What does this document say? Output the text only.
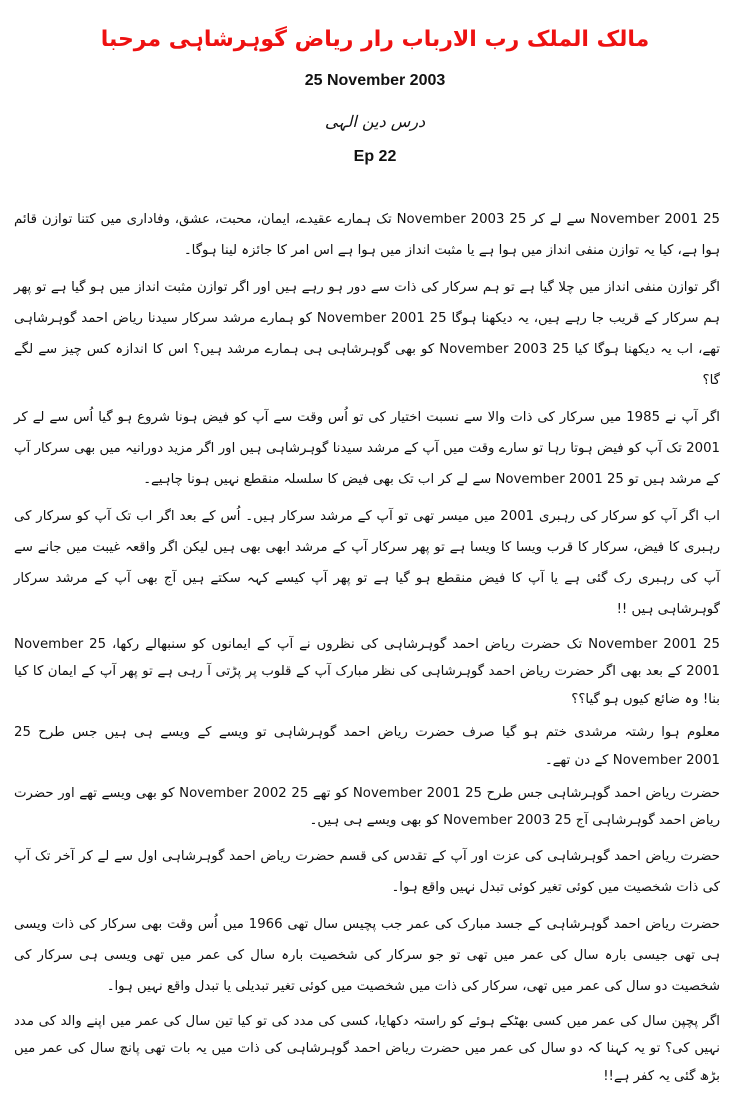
مالک الملک رب الارباب رار ریاض گوہرشاہی مرحبا
25 November 2003
درس دین الہی
Ep 22

25 November 2001 سے لے کر 25 November 2003 تک ہمارے عقیدے، ایمان، محبت، عشق، وفاداری میں کتنا توازن قائم ہوا ہے، کیا یہ توازن منفی انداز میں ہوا ہے یا مثبت انداز میں ہوا ہے اس امر کا جائزہ لینا ہوگا۔

اگر توازن منفی انداز میں چلا گیا ہے تو ہم سرکار کی ذات سے دور ہو رہے ہیں اور اگر توازن مثبت انداز میں ہو گیا ہے تو پھر ہم سرکار کے قریب جا رہے ہیں، یہ دیکھنا ہوگا 25 November 2001 کو ہمارے مرشد سرکار سیدنا ریاض احمد گوہرشاہی تھے، اب یہ دیکھنا ہوگا کیا 25 November 2003 کو بھی گوہرشاہی ہی ہمارے مرشد ہیں؟ اس کا اندازہ کس چیز سے لگے گا؟

اگر آپ نے 1985 میں سرکار کی ذات والا سے نسبت اختیار کی تو اُس وقت سے آپ کو فیض ہونا شروع ہو گیا اُس سے لے کر 2001 تک آپ کو فیض ہوتا رہا تو سارے وقت میں آپ کے مرشد سیدنا گوہرشاہی ہیں اور اگر مزید دورانیہ میں بھی سرکار آپ کے مرشد ہیں تو 25 November 2001 سے لے کر اب تک بھی فیض کا سلسلہ منقطع نہیں ہونا چاہیے۔

اب اگر آپ کو سرکار کی رہبری 2001 میں میسر تھی تو آپ کے مرشد سرکار ہیں۔ اُس کے بعد اگر اب تک آپ کو سرکار کی رہبری کا فیض، سرکار کا قرب ویسا کا ویسا ہے تو پھر سرکار آپ کے مرشد ابھی بھی ہیں لیکن اگر واقعہ غیبت میں جانے سے آپ کی رہبری رک گئی ہے یا آپ کا فیض منقطع ہو گیا ہے تو پھر آپ کیسے کہہ سکتے ہیں آج بھی آپ کے مرشد سرکار گوہرشاہی ہیں !!

25 November 2001 تک حضرت ریاض احمد گوہرشاہی کی نظروں نے آپ کے ایمانوں کو سنبھالے رکھا، 25 November 2001 کے بعد بھی اگر حضرت ریاض احمد گوہرشاہی کی نظر مبارک آپ کے قلوب پر پڑتی آ رہی ہے تو پھر آپ کے ایمان کا کیا بنا! وہ ضائع کیوں ہو گیا؟؟

معلوم ہوا رشتہ مرشدی ختم ہو گیا صرف حضرت ریاض احمد گوہرشاہی تو ویسے کے ویسے ہی ہیں جس طرح 25 November 2001 کے دن تھے۔

حضرت ریاض احمد گوہرشاہی جس طرح 25 November 2001 کو تھے 25 November 2002 کو بھی ویسے تھے اور حضرت ریاض احمد گوہرشاہی آج 25 November 2003 کو بھی ویسے ہی ہیں۔

حضرت ریاض احمد گوہرشاہی کی عزت اور آپ کے تقدس کی قسم حضرت ریاض احمد گوہرشاہی اول سے لے کر آخر تک آپ کی ذات شخصیت میں کوئی تغیر کوئی تبدل نہیں واقع ہوا۔

حضرت ریاض احمد گوہرشاہی کے جسد مبارک کی عمر جب پچیس سال تھی 1966 میں اُس وقت بھی سرکار کی ذات ویسی ہی تھی جیسی بارہ سال کی عمر میں تھی تو جو سرکار کی شخصیت بارہ سال کی عمر میں تھی ویسی ہی سرکار کی شخصیت دو سال کی عمر میں تھی، سرکار کی ذات میں شخصیت میں کوئی تغیر تبدیلی یا تبدل واقع نہیں ہوا۔

اگر پچپن سال کی عمر میں کسی بھٹکے ہوئے کو راستہ دکھایا، کسی کی مدد کی تو کیا تین سال کی عمر میں اپنے والد کی مدد نہیں کی؟ تو یہ کہنا کہ دو سال کی عمر میں حضرت ریاض احمد گوہرشاہی کی ذات میں یہ بات تھی پانچ سال کی عمر میں بڑھ گئی یہ کفر ہے!!
